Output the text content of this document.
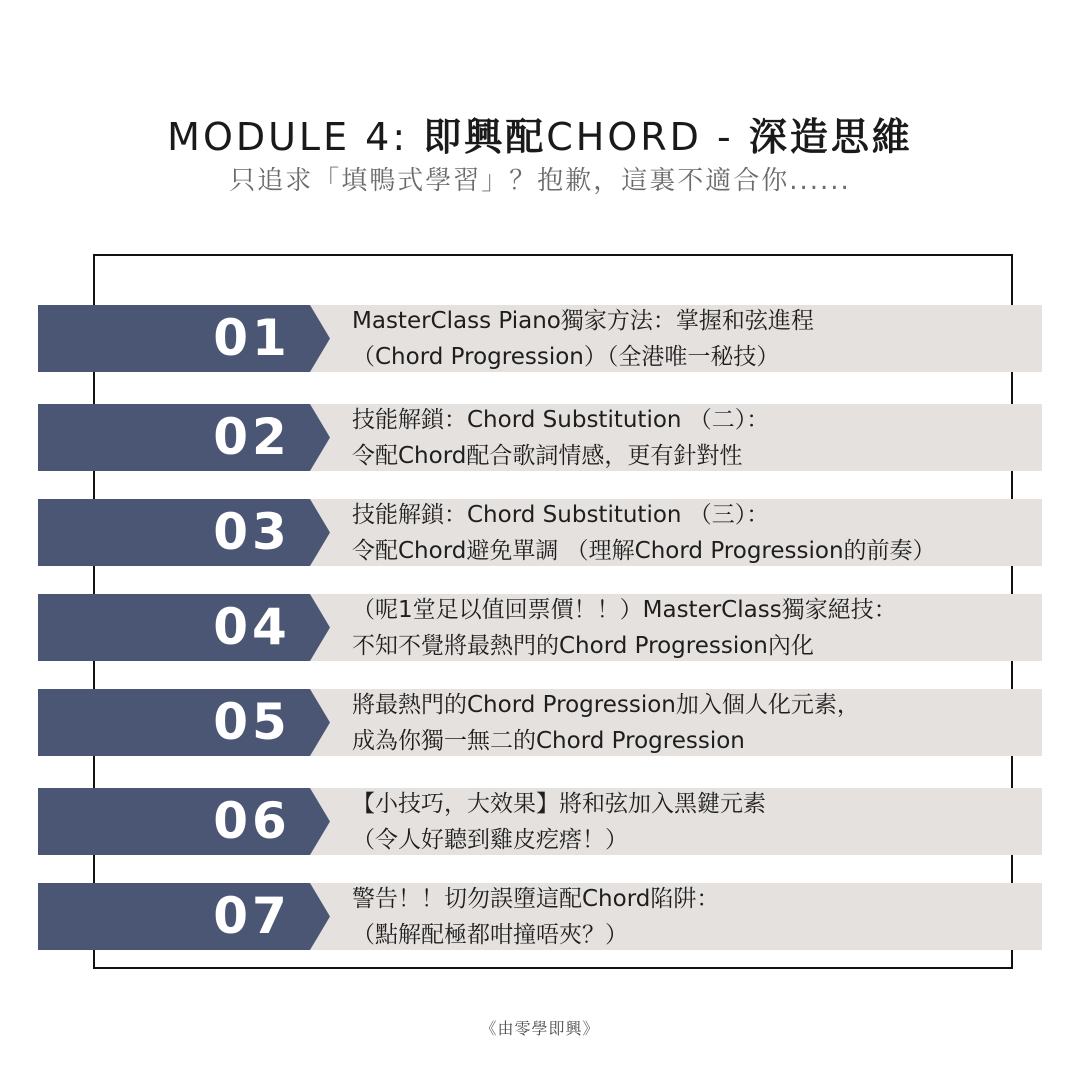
MODULE 4: 即興配CHORD - 深造思維
只追求「填鴨式學習」？抱歉，這裏不適合你......
01	MasterClass Piano獨家方法：掌握和弦進程
（Chord Progression）（全港唯一秘技）
02	技能解鎖：Chord Substitution （二）：
令配Chord配合歌詞情感，更有針對性
03	技能解鎖：Chord Substitution （三）：
令配Chord避免單調 （理解Chord Progression的前奏）
04	（呢1堂足以值回票價！！）MasterClass獨家絕技：
不知不覺將最熱門的Chord Progression內化
05	將最熱門的Chord Progression加入個人化元素，
成為你獨一無二的Chord Progression
06	【小技巧，大效果】將和弦加入黑鍵元素
（令人好聽到雞皮疙瘩！）
07	警告！！切勿誤墮這配Chord陷阱：
（點解配極都咁撞唔夾？）
《由零學即興》
